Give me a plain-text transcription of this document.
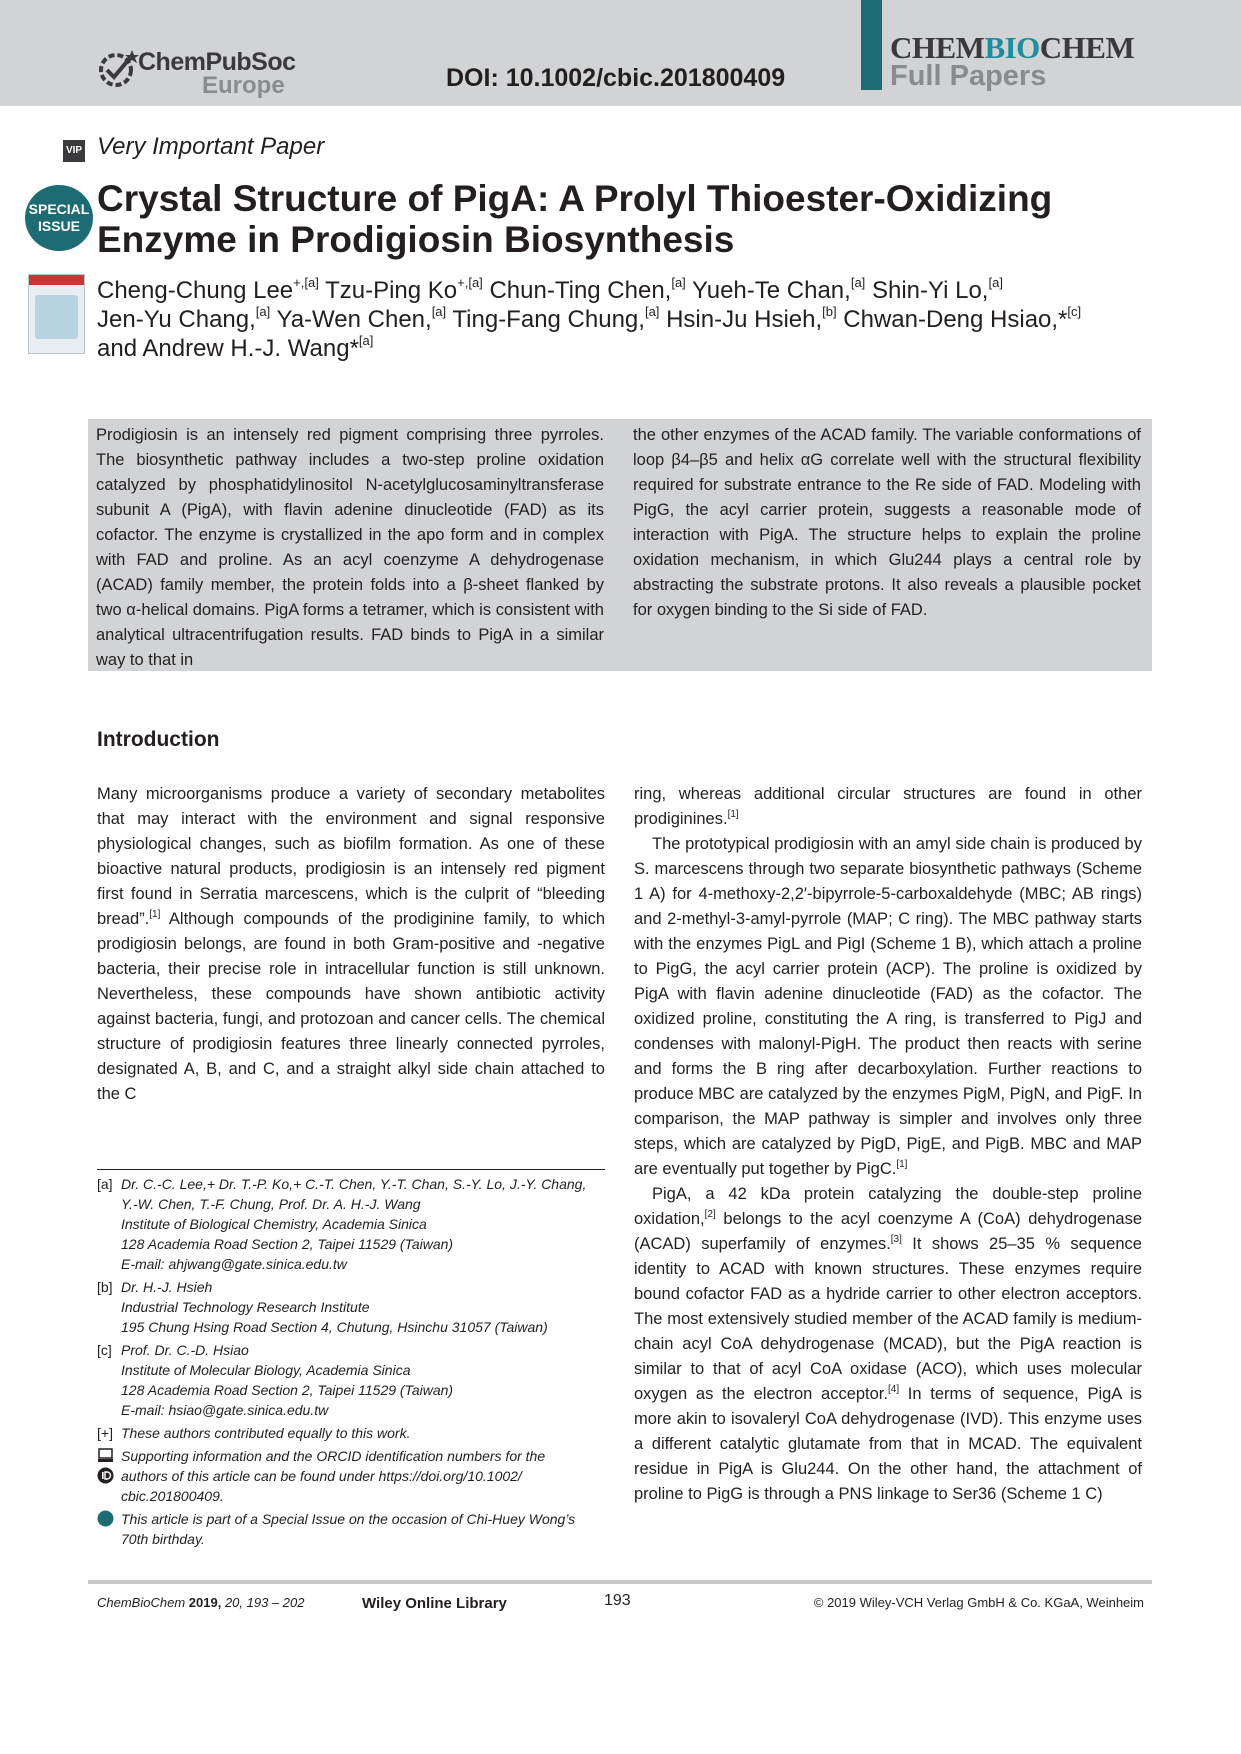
ChemPubSoc
Europe	DOI: 10.1002/cbic.201800409
CHEMBIOCHEM
Full Papers
VIP Very Important Paper
SPECIAL
ISSUE
Crystal Structure of PigA: A Prolyl Thioester-Oxidizing
Enzyme in Prodigiosin Biosynthesis
Cheng-Chung Lee$^{+,[a]}$ Tzu-Ping $Ko^{+,[a]}$ Chun-Ting Chen,[a] Yueh-Te Chan,[a] Shin-Yi Lo,[a]
Jen-Yu Chang,[a] Ya-Wen Chen,[a] Ting-Fang Chung,[a] Hsin-Ju Hsieh,[b] Chwan-Deng Hsiao,*[c]
and Andrew H.-J. Wang*[a]
Prodigiosin is an intensely red pigment comprising three pyrroles. The biosynthetic pathway includes a two-step proline oxidation catalyzed by phosphatidylinositol N-acetylglucosaminyltransferase subunit A (PigA), with flavin adenine dinucleotide (FAD) as its cofactor. The enzyme is crystallized in the apo form and in complex with FAD and proline. As an acyl coenzyme A dehydrogenase (ACAD) family member, the protein folds into a β-sheet flanked by two α-helical domains. PigA forms a tetramer, which is consistent with analytical ultracentrifugation results. FAD binds to PigA in a similar way to that in
the other enzymes of the ACAD family. The variable conformations of loop β4–β5 and helix αG correlate well with the structural flexibility required for substrate entrance to the Re side of FAD. Modeling with PigG, the acyl carrier protein, suggests a reasonable mode of interaction with PigA. The structure helps to explain the proline oxidation mechanism, in which Glu244 plays a central role by abstracting the substrate protons. It also reveals a plausible pocket for oxygen binding to the Si side of FAD.
Introduction

Many microorganisms produce a variety of secondary metabolites that may interact with the environment and signal responsive physiological changes, such as biofilm formation. As one of these bioactive natural products, prodigiosin is an intensely red pigment first found in Serratia marcescens, which is the culprit of “bleeding bread”.[1] Although compounds of the prodiginine family, to which prodigiosin belongs, are found in both Gram-positive and -negative bacteria, their precise role in intracellular function is still unknown. Nevertheless, these compounds have shown antibiotic activity against bacteria, fungi, and protozoan and cancer cells. The chemical structure of prodigiosin features three linearly connected pyrroles, designated A, B, and C, and a straight alkyl side chain attached to the C

ring, whereas additional circular structures are found in other prodiginines.[1]

The prototypical prodigiosin with an amyl side chain is produced by S. marcescens through two separate biosynthetic pathways (Scheme 1 A) for 4-methoxy-2,2′-bipyrrole-5-carboxaldehyde (MBC; AB rings) and 2-methyl-3-amyl-pyrrole (MAP; C ring). The MBC pathway starts with the enzymes PigL and PigI (Scheme 1 B), which attach a proline to PigG, the acyl carrier protein (ACP). The proline is oxidized by PigA with flavin adenine dinucleotide (FAD) as the cofactor. The oxidized proline, constituting the A ring, is transferred to PigJ and condenses with malonyl-PigH. The product then reacts with serine and forms the B ring after decarboxylation. Further reactions to produce MBC are catalyzed by the enzymes PigM, PigN, and PigF. In comparison, the MAP pathway is simpler and involves only three steps, which are catalyzed by PigD, PigE, and PigB. MBC and MAP are eventually put together by PigC.[1]

PigA, a 42 kDa protein catalyzing the double-step proline oxidation,[2] belongs to the acyl coenzyme A (CoA) dehydrogenase (ACAD) superfamily of enzymes.[3] It shows 25–35 % sequence identity to ACAD with known structures. These enzymes require bound cofactor FAD as a hydride carrier to other electron acceptors. The most extensively studied member of the ACAD family is medium-chain acyl CoA dehydrogenase (MCAD), but the PigA reaction is similar to that of acyl CoA oxidase (ACO), which uses molecular oxygen as the electron acceptor.[4] In terms of sequence, PigA is more akin to isovaleryl CoA dehydrogenase (IVD). This enzyme uses a different catalytic glutamate from that in MCAD. The equivalent residue in PigA is Glu244. On the other hand, the attachment of proline to PigG is through a PNS linkage to Ser36 (Scheme 1 C)

[a] Dr. C.-C. Lee,+ Dr. T.-P. Ko,+ C.-T. Chen, Y.-T. Chan, S.-Y. Lo, J.-Y. Chang,
Y.-W. Chen, T.-F. Chung, Prof. Dr. A. H.-J. Wang
Institute of Biological Chemistry, Academia Sinica
128 Academia Road Section 2, Taipei 11529 (Taiwan)
E-mail: ahjwang@gate.sinica.edu.tw
[b] Dr. H.-J. Hsieh
Industrial Technology Research Institute
195 Chung Hsing Road Section 4, Chutung, Hsinchu 31057 (Taiwan)
[c] Prof. Dr. C.-D. Hsiao
Institute of Molecular Biology, Academia Sinica
128 Academia Road Section 2, Taipei 11529 (Taiwan)
E-mail: hsiao@gate.sinica.edu.tw
[+] These authors contributed equally to this work.
Supporting information and the ORCID identification numbers for the
authors of this article can be found under https://doi.org/10.1002/
cbic.201800409.
This article is part of a Special Issue on the occasion of Chi-Huey Wong’s
70th birthday.
ChemBioChem 2019, 20, 193 – 202	Wiley Online Library	193	© 2019 Wiley-VCH Verlag GmbH & Co. KGaA, Weinheim
